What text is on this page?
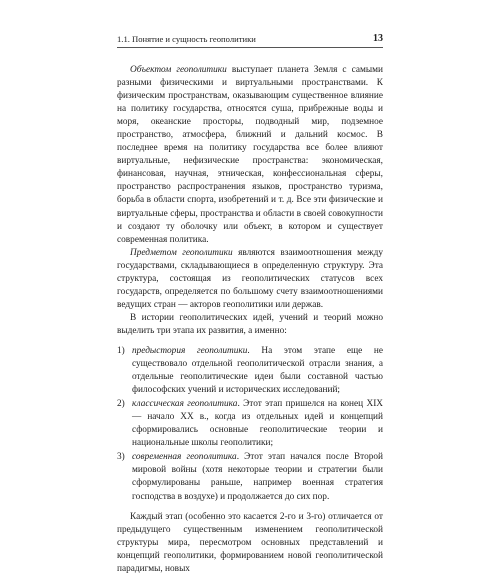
1.1. Понятие и сущность геополитики	13

Объектом геополитики выступает планета Земля с самыми разными физическими и виртуальными пространствами. К физическим пространствам, оказывающим существенное влияние на политику государства, относятся суша, прибрежные воды и моря, океанские просторы, подводный мир, подземное пространство, атмосфера, ближний и дальний космос. В последнее время на политику государства все более влияют виртуальные, нефизические пространства: экономическая, финансовая, научная, этническая, конфессиональная сферы, пространство распространения языков, пространство туризма, борьба в области спорта, изобретений и т. д. Все эти физические и виртуальные сферы, пространства и области в своей совокупности и создают ту оболочку или объект, в котором и существует современная политика.

Предметом геополитики являются взаимоотношения между государствами, складывающиеся в определенную структуру. Эта структура, состоящая из геополитических статусов всех государств, определяется по большому счету взаимоотношениями ведущих стран — акторов геополитики или держав.

В истории геополитических идей, учений и теорий можно выделить три этапа их развития, а именно:

1) предыстория геополитики. На этом этапе еще не существовало отдельной геополитической отрасли знания, а отдельные геополитические идеи были составной частью философских учений и исторических исследований;
2) классическая геополитика. Этот этап пришелся на конец XIX — начало XX в., когда из отдельных идей и концепций сформировались основные геополитические теории и национальные школы геополитики;
3) современная геополитика. Этот этап начался после Второй мировой войны (хотя некоторые теории и стратегии были сформулированы раньше, например военная стратегия господства в воздухе) и продолжается до сих пор.

Каждый этап (особенно это касается 2-го и 3-го) отличается от предыдущего существенным изменением геополитической структуры мира, пересмотром основных представлений и концепций геополитики, формированием новой геополитической парадигмы, новых
